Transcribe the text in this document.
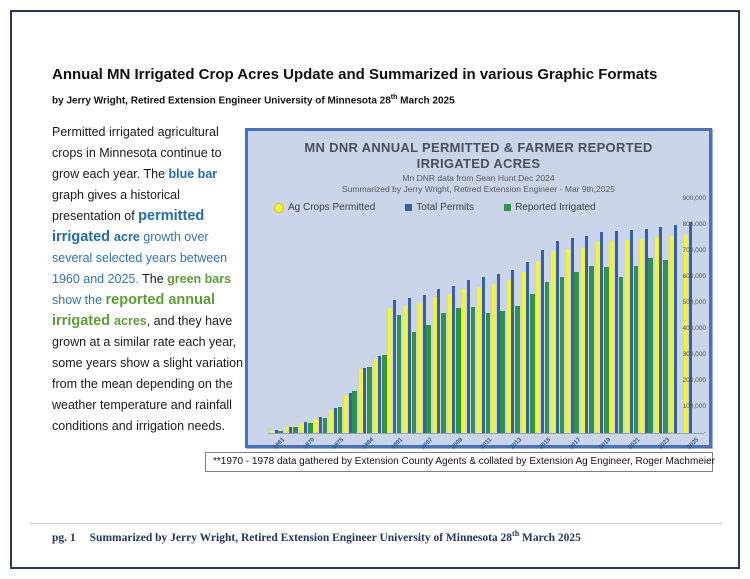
Annual MN Irrigated Crop Acres Update and Summarized in various Graphic Formats
by Jerry Wright, Retired Extension Engineer University of Minnesota 28th March 2025
Permitted irrigated agricultural crops in Minnesota continue to grow each year. The blue bar graph gives a historical presentation of permitted irrigated acre growth over several selected years between 1960 and 2025. The green bars show the reported annual irrigated acres, and they have grown at a similar rate each year, some years show a slight variation from the mean depending on the weather temperature and rainfall conditions and irrigation needs.
MN DNR ANNUAL PERMITTED & FARMER REPORTED
IRRIGATED ACRES
Mn DNR data from Sean Hunt Dec 2024
Summarized by Jerry Wright, Retired Extension Engineer - Mar 9th,2025
Ag Crops Permitted	Total Permits	Reported Irrigated
1961	1970	1975	1984	1991	2007	2009	2011	2013	2015	2017	2019	2021	2023	2025
-
100,000
200,000
300,000
400,000
500,000
600,000
700,000
800,000
900,000
**1970 - 1978 data gathered by Extension County Agents & collated by Extension Ag Engineer, Roger Machmeier
pg. 1 Summarized by Jerry Wright, Retired Extension Engineer University of Minnesota 28th March 2025
